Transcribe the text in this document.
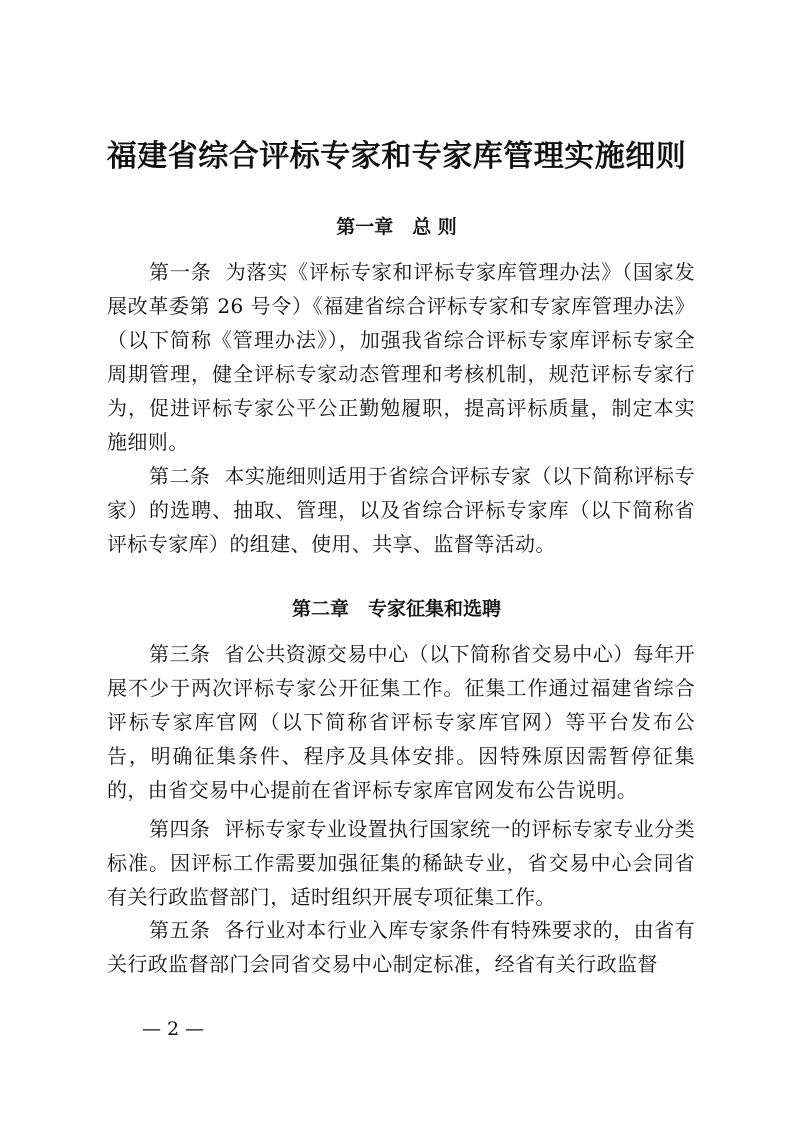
福建省综合评标专家和专家库管理实施细则
第一章　总 则
第一条 为落实《评标专家和评标专家库管理办法》（国家发展改革委第 26 号令）《福建省综合评标专家和专家库管理办法》（以下简称《管理办法》），加强我省综合评标专家库评标专家全周期管理，健全评标专家动态管理和考核机制，规范评标专家行为，促进评标专家公平公正勤勉履职，提高评标质量，制定本实施细则。
第二条 本实施细则适用于省综合评标专家（以下简称评标专家）的选聘、抽取、管理，以及省综合评标专家库（以下简称省评标专家库）的组建、使用、共享、监督等活动。
第二章　专家征集和选聘
第三条 省公共资源交易中心（以下简称省交易中心）每年开展不少于两次评标专家公开征集工作。征集工作通过福建省综合评标专家库官网（以下简称省评标专家库官网）等平台发布公告，明确征集条件、程序及具体安排。因特殊原因需暂停征集的，由省交易中心提前在省评标专家库官网发布公告说明。
第四条 评标专家专业设置执行国家统一的评标专家专业分类标准。因评标工作需要加强征集的稀缺专业，省交易中心会同省有关行政监督部门，适时组织开展专项征集工作。
第五条 各行业对本行业入库专家条件有特殊要求的，由省有关行政监督部门会同省交易中心制定标准，经省有关行政监督
— 2 —
